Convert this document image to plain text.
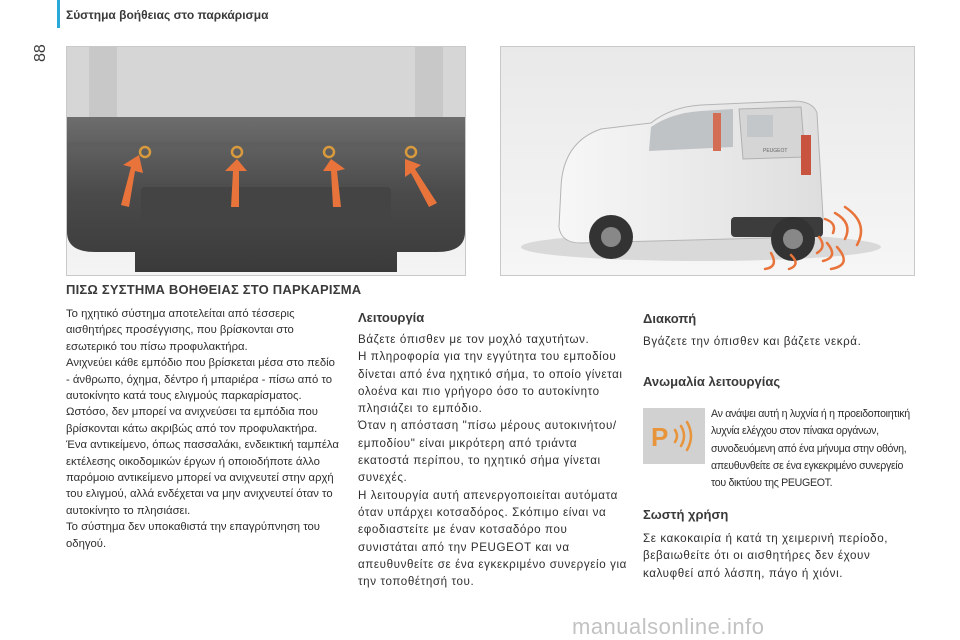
88
Σύστημα βοήθειας στο παρκάρισμα
PEUGEOT
ΠΙΣΩ ΣΥΣΤΗΜΑ ΒΟΗΘΕΙΑΣ ΣΤΟ ΠΑΡΚΑΡΙΣΜΑ

Το ηχητικό σύστημα αποτελείται από τέσσερις αισθητήρες προσέγγισης, που βρίσκονται στο εσωτερικό του πίσω προφυλακτήρα.

Ανιχνεύει κάθε εμπόδιο που βρίσκεται μέσα στο πεδίο - άνθρωπο, όχημα, δέντρο ή μπαριέρα - πίσω από το αυτοκίνητο κατά τους ελιγμούς παρκαρίσματος.

Ωστόσο, δεν μπορεί να ανιχνεύσει τα εμπόδια που βρίσκονται κάτω ακριβώς από τον προφυλακτήρα.

Ένα αντικείμενο, όπως πασσαλάκι, ενδεικτική ταμπέλα εκτέλεσης οικοδομικών έργων ή οποιοδήποτε άλλο παρόμοιο αντικείμενο μπορεί να ανιχνευτεί στην αρχή του ελιγμού, αλλά ενδέχεται να μην ανιχνευτεί όταν το αυτοκίνητο το πλησιάσει.

Το σύστημα δεν υποκαθιστά την επαγρύπνηση του οδηγού.

Λειτουργία

Βάζετε όπισθεν με τον μοχλό ταχυτήτων.

Η πληροφορία για την εγγύτητα του εμποδίου δίνεται από ένα ηχητικό σήμα, το οποίο γίνεται ολοένα και πιο γρήγορο όσο το αυτοκίνητο πλησιάζει το εμπόδιο.

Όταν η απόσταση "πίσω μέρους αυτοκινήτου/εμποδίου" είναι μικρότερη από τριάντα εκατοστά περίπου, το ηχητικό σήμα γίνεται συνεχές.

Η λειτουργία αυτή απενεργοποιείται αυτόματα όταν υπάρχει κοτσαδόρος. Σκόπιμο είναι να εφοδιαστείτε με έναν κοτσαδόρο που συνιστάται από την PEUGEOT και να απευθυνθείτε σε ένα εγκεκριμένο συνεργείο για την τοποθέτησή του.

Διακοπή

Βγάζετε την όπισθεν και βάζετε νεκρά.

Ανωμαλία λειτουργίας
P
Αν ανάψει αυτή η λυχνία ή η προειδοποιητική λυχνία ελέγχου στον πίνακα οργάνων, συνοδευόμενη από ένα μήνυμα στην οθόνη, απευθυνθείτε σε ένα εγκεκριμένο συνεργείο του δικτύου της PEUGEOT.
Σωστή χρήση

Σε κακοκαιρία ή κατά τη χειμερινή περίοδο, βεβαιωθείτε ότι οι αισθητήρες δεν έχουν καλυφθεί από λάσπη, πάγο ή χιόνι.

manualsonline.info
